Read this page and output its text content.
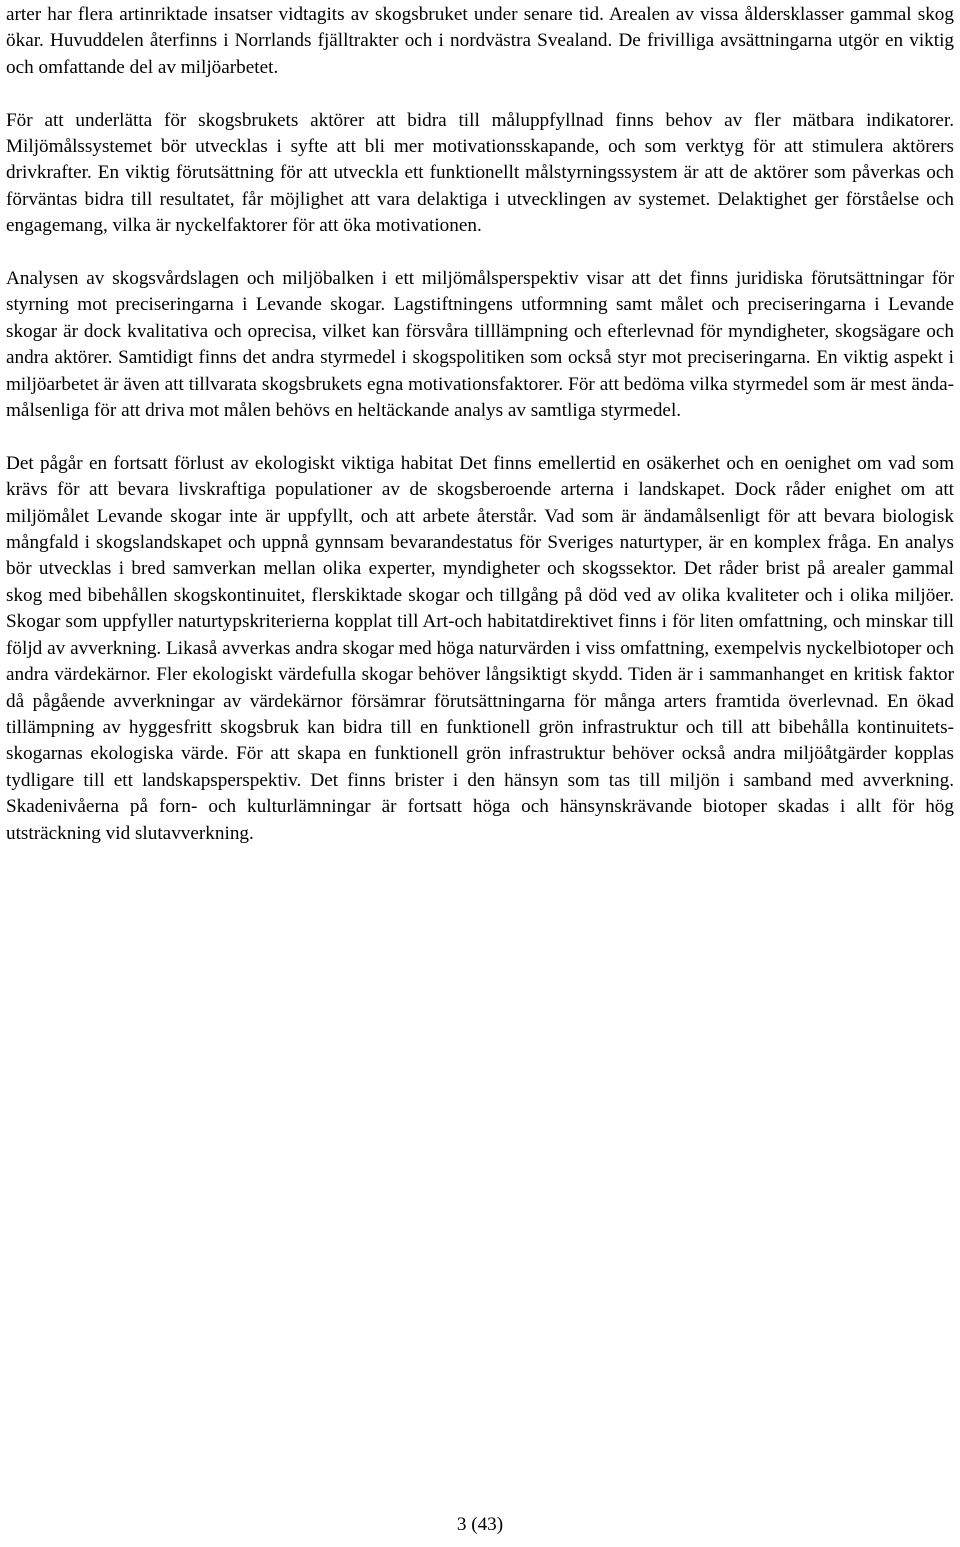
arter har flera artinriktade insatser vidtagits av skogsbruket under senare tid. Arealen av vissa åldersklasser gammal skog ökar. Huvuddelen återfinns i Norrlands fjälltrakter och i nordvästra Svealand. De frivilliga avsättningarna utgör en viktig och omfattande del av miljöarbetet.

För att underlätta för skogsbrukets aktörer att bidra till måluppfyllnad finns behov av fler mätbara indikatorer. Miljömålssystemet bör utvecklas i syfte att bli mer motivationsskapande, och som verktyg för att stimulera aktörers drivkrafter. En viktig förutsättning för att utveckla ett funktionellt målstyrningssystem är att de aktörer som påverkas och förväntas bidra till resultatet, får möjlighet att vara delaktiga i utvecklingen av systemet. Delaktighet ger förståelse och engagemang, vilka är nyckelfaktorer för att öka motivationen.

Analysen av skogsvårdslagen och miljöbalken i ett miljömålsperspektiv visar att det finns juridiska förutsättningar för styrning mot preciseringarna i Levande skogar. Lagstiftningens utformning samt målet och preciseringarna i Levande skogar är dock kvalitativa och oprecisa, vilket kan försvåra tilllämpning och efterlevnad för myndigheter, skogsägare och andra aktörer. Samtidigt finns det andra styrmedel i skogspolitiken som också styr mot preciseringarna. En viktig aspekt i miljöarbetet är även att tillvarata skogsbrukets egna motivationsfaktorer. För att bedöma vilka styrmedel som är mest ändamålsenliga för att driva mot målen behövs en heltäckande analys av samtliga styrmedel.

Det pågår en fortsatt förlust av ekologiskt viktiga habitat Det finns emellertid en osäkerhet och en oenighet om vad som krävs för att bevara livskraftiga populationer av de skogsberoende arterna i landskapet. Dock råder enighet om att miljömålet Levande skogar inte är uppfyllt, och att arbete återstår. Vad som är ändamålsenligt för att bevara biologisk mångfald i skogslandskapet och uppnå gynnsam bevarandestatus för Sveriges naturtyper, är en komplex fråga. En analys bör utvecklas i bred samverkan mellan olika experter, myndigheter och skogssektor. Det råder brist på arealer gammal skog med bibehållen skogskontinuitet, flerskiktade skogar och tillgång på död ved av olika kvaliteter och i olika miljöer. Skogar som uppfyller naturtypskriterierna kopplat till Art-och habitatdirektivet finns i för liten omfattning, och minskar till följd av avverkning. Likaså avverkas andra skogar med höga naturvärden i viss omfattning, exempelvis nyckelbiotoper och andra värdekärnor. Fler ekologiskt värdefulla skogar behöver långsiktigt skydd. Tiden är i sammanhanget en kritisk faktor då pågående avverkningar av värdekärnor försämrar förutsättningarna för många arters framtida överlevnad. En ökad tillämpning av hyggesfritt skogsbruk kan bidra till en funktionell grön infrastruktur och till att bibehålla kontinuitetsskogarnas ekologiska värde. För att skapa en funktionell grön infrastruktur behöver också andra miljöåtgärder kopplas tydligare till ett landskapsperspektiv. Det finns brister i den hänsyn som tas till miljön i samband med avverkning. Skadenivåerna på forn- och kulturlämningar är fortsatt höga och hänsynskrävande biotoper skadas i allt för hög utsträckning vid slutavverkning.

3 (43)
